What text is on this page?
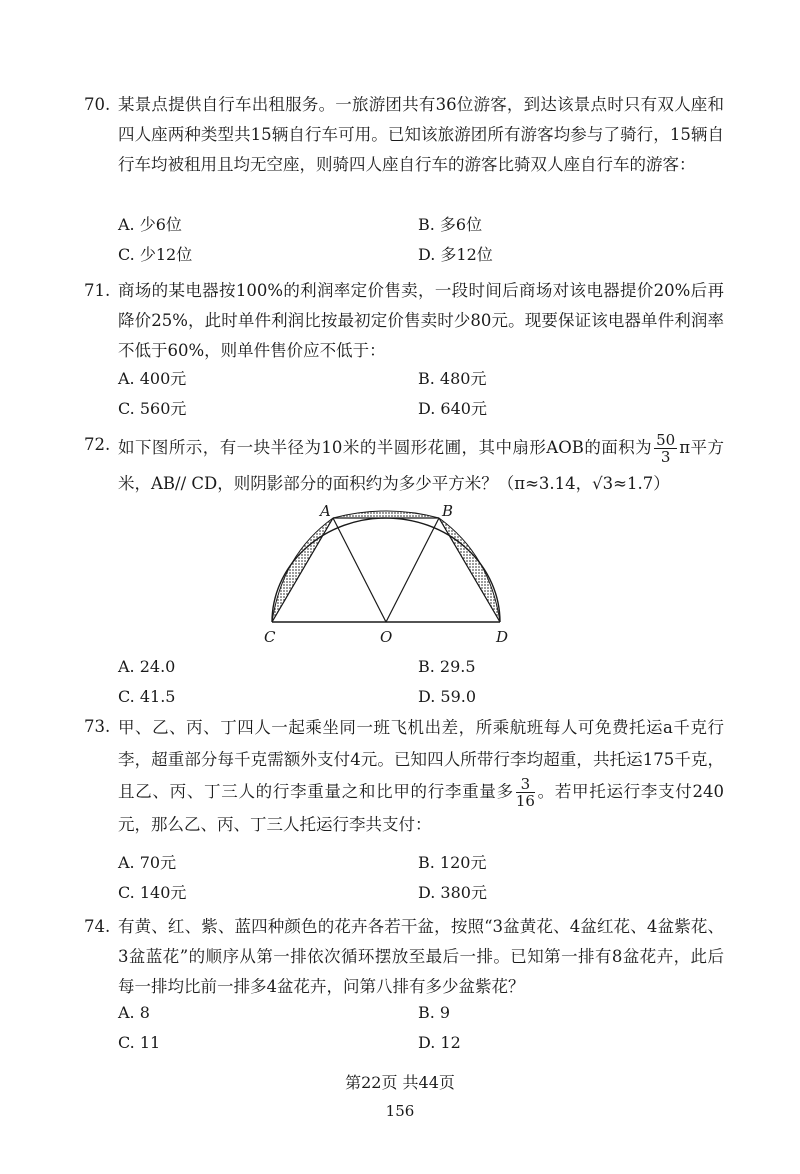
70. 某景点提供自行车出租服务。一旅游团共有36位游客，到达该景点时只有双人座和四人座两种类型共15辆自行车可用。已知该旅游团所有游客均参与了骑行，15辆自行车均被租用且均无空座，则骑四人座自行车的游客比骑双人座自行车的游客：
A. 少6位	B. 多6位
C. 少12位	D. 多12位
71. 商场的某电器按100%的利润率定价售卖，一段时间后商场对该电器提价20%后再降价25%，此时单件利润比按最初定价售卖时少80元。现要保证该电器单件利润率不低于60%，则单件售价应不低于：
A. 400元	B. 480元
C. 560元	D. 640元
72. 如下图所示，有一块半径为10米的半圆形花圃，其中扇形AOB的面积为 $\frac{50}{3}$ π平方米，AB// CD，则阴影部分的面积约为多少平方米？（π≈3.14，√3≈1.7）
A	B
C	O	D
A. 24.0	B. 29.5
C. 41.5	D. 59.0
73. 甲、乙、丙、丁四人一起乘坐同一班飞机出差，所乘航班每人可免费托运a千克行李，超重部分每千克需额外支付4元。已知四人所带行李均超重，共托运175千克，且乙、丙、丁三人的行李重量之和比甲的行李重量多 $\frac{3}{16}$ 。若甲托运行李支付240元，那么乙、丙、丁三人托运行李共支付：
A. 70元	B. 120元
C. 140元	D. 380元
74. 有黄、红、紫、蓝四种颜色的花卉各若干盆，按照“3盆黄花、4盆红花、4盆紫花、3盆蓝花”的顺序从第一排依次循环摆放至最后一排。已知第一排有8盆花卉，此后每一排均比前一排多4盆花卉，问第八排有多少盆紫花？
A. 8	B. 9
C. 11	D. 12
第22页 共44页
156
